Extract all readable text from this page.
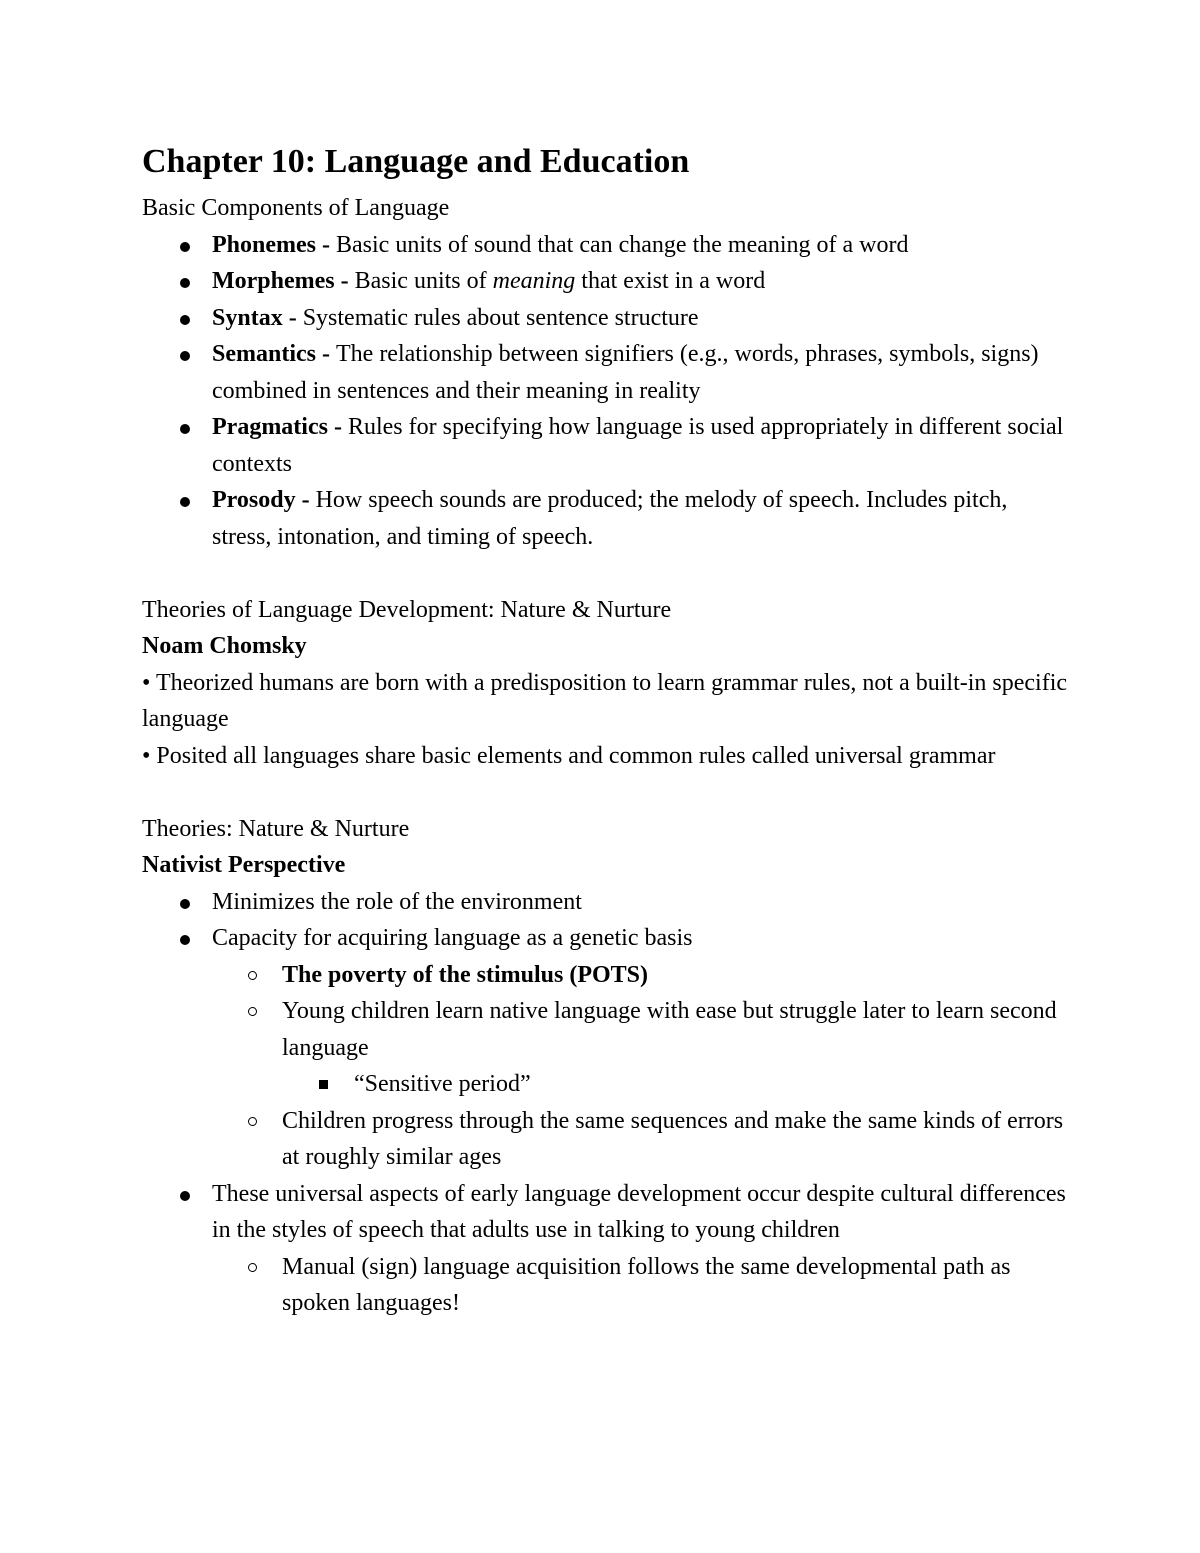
Chapter 10: Language and Education
Basic Components of Language
Phonemes - Basic units of sound that can change the meaning of a word
Morphemes - Basic units of meaning that exist in a word
Syntax - Systematic rules about sentence structure
Semantics - The relationship between signifiers (e.g., words, phrases, symbols, signs) combined in sentences and their meaning in reality
Pragmatics - Rules for specifying how language is used appropriately in different social contexts
Prosody - How speech sounds are produced; the melody of speech. Includes pitch, stress, intonation, and timing of speech.
Theories of Language Development: Nature & Nurture
Noam Chomsky
• Theorized humans are born with a predisposition to learn grammar rules, not a built-in specific language
• Posited all languages share basic elements and common rules called universal grammar
Theories: Nature & Nurture
Nativist Perspective
Minimizes the role of the environment
Capacity for acquiring language as a genetic basis
The poverty of the stimulus (POTS)
Young children learn native language with ease but struggle later to learn second language
“Sensitive period”
Children progress through the same sequences and make the same kinds of errors at roughly similar ages
These universal aspects of early language development occur despite cultural differences in the styles of speech that adults use in talking to young children
Manual (sign) language acquisition follows the same developmental path as spoken languages!
